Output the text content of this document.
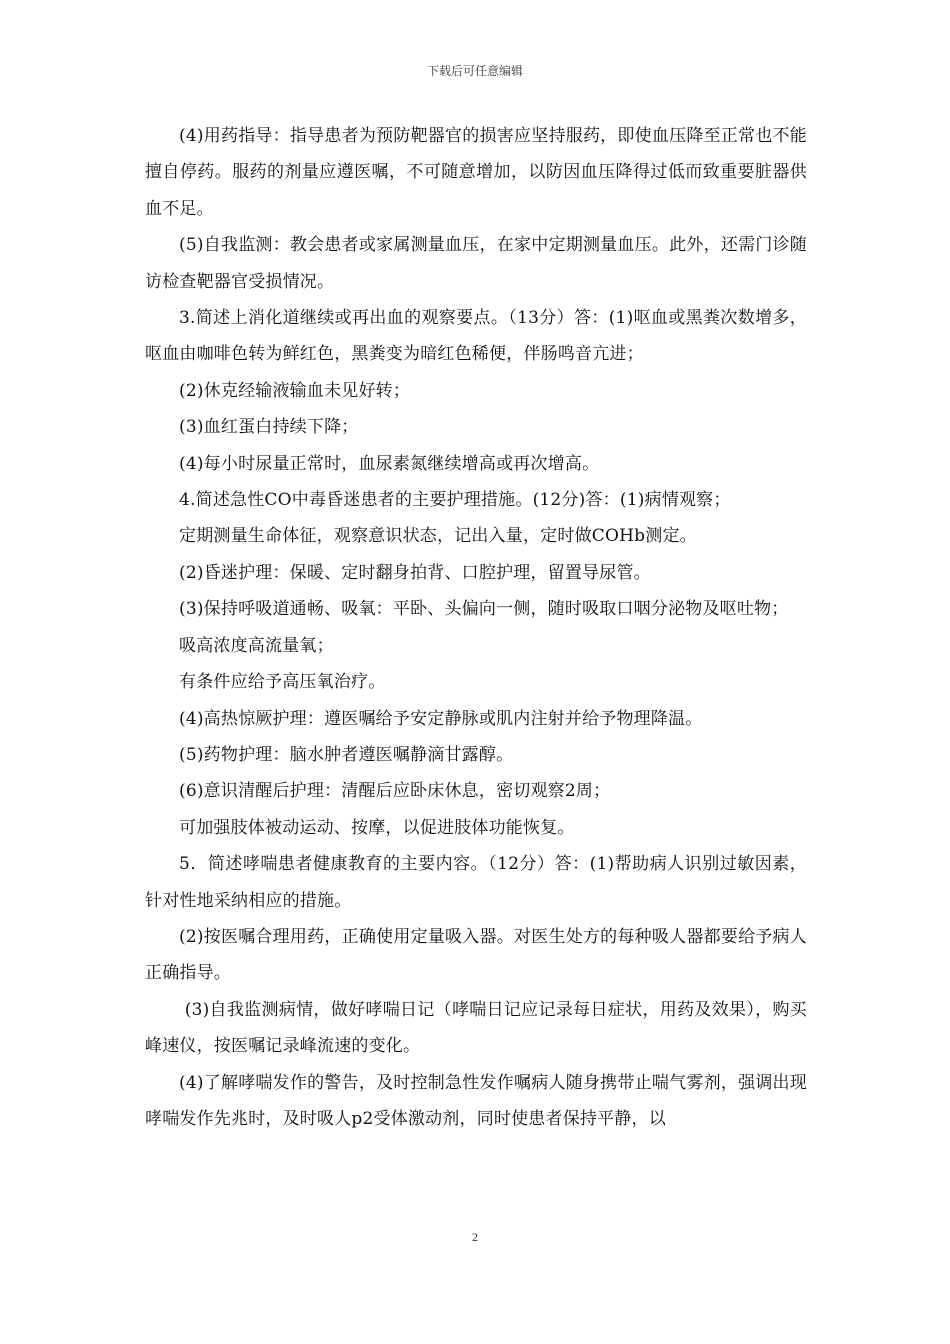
下载后可任意编辑

(4)用药指导：指导患者为预防靶器官的损害应坚持服药，即使血压降至正常也不能擅自停药。服药的剂量应遵医嘱，不可随意增加，以防因血压降得过低而致重要脏器供血不足。

(5)自我监测：教会患者或家属测量血压，在家中定期测量血压。此外，还需门诊随访检查靶器官受损情况。

3.简述上消化道继续或再出血的观察要点。（13分）答：(1)呕血或黑粪次数增多，呕血由咖啡色转为鲜红色，黑粪变为暗红色稀便，伴肠鸣音亢进；

(2)休克经输液输血未见好转；

(3)血红蛋白持续下降；

(4)每小时尿量正常时，血尿素氮继续增高或再次增高。

4.简述急性CO中毒昏迷患者的主要护理措施。(12分)答：(1)病情观察；

定期测量生命体征，观察意识状态，记出入量，定时做COHb测定。

(2)昏迷护理：保暖、定时翻身拍背、口腔护理，留置导尿管。

(3)保持呼吸道通畅、吸氧：平卧、头偏向一侧，随时吸取口咽分泌物及呕吐物；

吸高浓度高流量氧；

有条件应给予高压氧治疗。

(4)高热惊厥护理：遵医嘱给予安定静脉或肌内注射并给予物理降温。

(5)药物护理：脑水肿者遵医嘱静滴甘露醇。

(6)意识清醒后护理：清醒后应卧床休息，密切观察2周；

可加强肢体被动运动、按摩，以促进肢体功能恢复。

5．简述哮喘患者健康教育的主要内容。（12分）答：(1)帮助病人识别过敏因素，针对性地采纳相应的措施。

(2)按医嘱合理用药，正确使用定量吸入器。对医生处方的每种吸人器都要给予病人正确指导。

(3)自我监测病情，做好哮喘日记（哮喘日记应记录每日症状，用药及效果），购买峰速仪，按医嘱记录峰流速的变化。

(4)了解哮喘发作的警告，及时控制急性发作嘱病人随身携带止喘气雾剂，强调出现哮喘发作先兆时，及时吸人p2受体激动剂，同时使患者保持平静，以

2
